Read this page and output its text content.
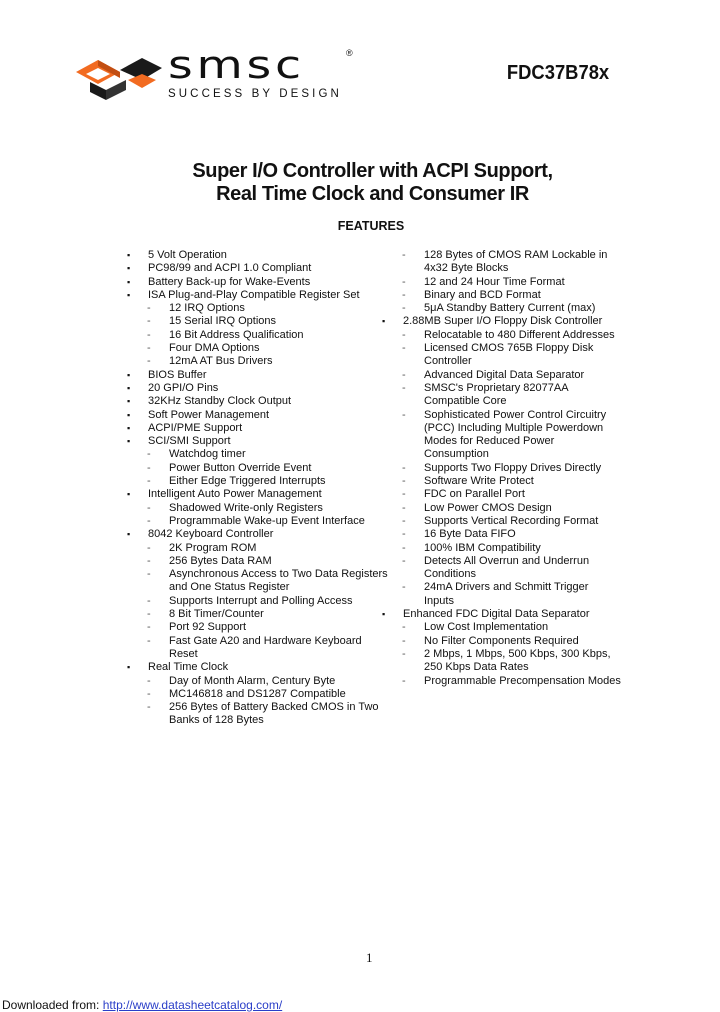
smsc	®
SUCCESS BY DESIGN
FDC37B78x
Super I/O Controller with ACPI Support,
Real Time Clock and Consumer IR
FEATURES
▪ 5 Volt Operation
▪ PC98/99 and ACPI 1.0 Compliant
▪ Battery Back-up for Wake-Events
▪ ISA Plug-and-Play Compatible Register Set
- 12 IRQ Options
- 15 Serial IRQ Options
- 16 Bit Address Qualification
- Four DMA Options
- 12mA AT Bus Drivers
▪ BIOS Buffer
▪ 20 GPI/O Pins
▪ 32KHz Standby Clock Output
▪ Soft Power Management
▪ ACPI/PME Support
▪ SCI/SMI Support
- Watchdog timer
- Power Button Override Event
- Either Edge Triggered Interrupts
▪ Intelligent Auto Power Management
- Shadowed Write-only Registers
- Programmable Wake-up Event Interface
▪ 8042 Keyboard Controller
- 2K Program ROM
- 256 Bytes Data RAM
- Asynchronous Access to Two Data Registers and One Status Register
- Supports Interrupt and Polling Access
- 8 Bit Timer/Counter
- Port 92 Support
- Fast Gate A20 and Hardware Keyboard Reset
▪ Real Time Clock
- Day of Month Alarm, Century Byte
- MC146818 and DS1287 Compatible
- 256 Bytes of Battery Backed CMOS in Two Banks of 128 Bytes
- 128 Bytes of CMOS RAM Lockable in 4x32 Byte Blocks
- 12 and 24 Hour Time Format
- Binary and BCD Format
- 5μA Standby Battery Current (max)
▪ 2.88MB Super I/O Floppy Disk Controller
- Relocatable to 480 Different Addresses
- Licensed CMOS 765B Floppy Disk Controller
- Advanced Digital Data Separator
- SMSC's Proprietary 82077AA Compatible Core
- Sophisticated Power Control Circuitry (PCC) Including Multiple Powerdown Modes for Reduced Power Consumption
- Supports Two Floppy Drives Directly
- Software Write Protect
- FDC on Parallel Port
- Low Power CMOS Design
- Supports Vertical Recording Format
- 16 Byte Data FIFO
- 100% IBM Compatibility
- Detects All Overrun and Underrun Conditions
- 24mA Drivers and Schmitt Trigger Inputs
▪ Enhanced FDC Digital Data Separator
- Low Cost Implementation
- No Filter Components Required
- 2 Mbps, 1 Mbps, 500 Kbps, 300 Kbps, 250 Kbps Data Rates
- Programmable Precompensation Modes
1
Downloaded from: http://www.datasheetcatalog.com/
